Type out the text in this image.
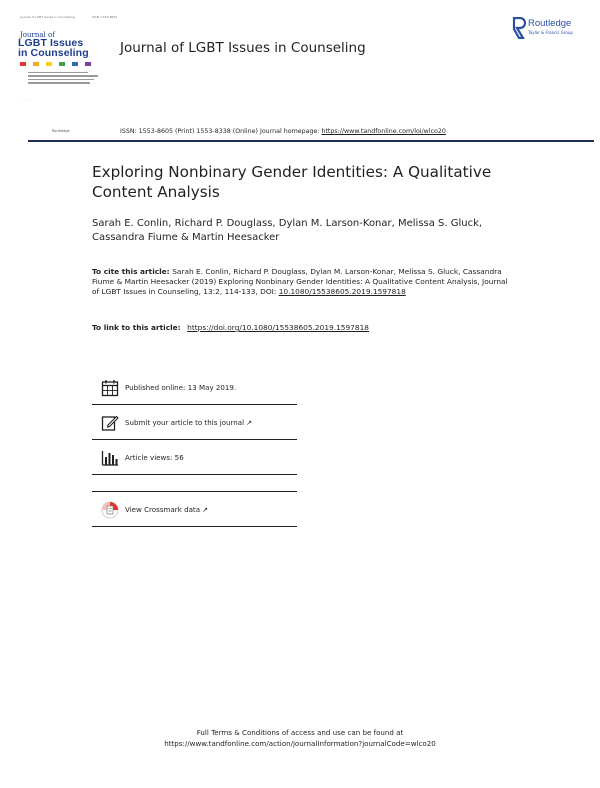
Journal of LGBT Issues in Counseling	ISSN: 1553-8605
Journal of
LGBT Issues
in Counseling
·· ··· ·· ·
Journal of LGBT Issues in Counseling
Routledge
Taylor & Francis Group
Routledge	ISSN: 1553-8605 (Print) 1553-8338 (Online) Journal homepage: https://www.tandfonline.com/loi/wlco20
Exploring Nonbinary Gender Identities: A Qualitative Content Analysis
Sarah E. Conlin, Richard P. Douglass, Dylan M. Larson-Konar, Melissa S. Gluck, Cassandra Fiume & Martin Heesacker
To cite this article: Sarah E. Conlin, Richard P. Douglass, Dylan M. Larson-Konar, Melissa S. Gluck, Cassandra Fiume & Martin Heesacker (2019) Exploring Nonbinary Gender Identities: A Qualitative Content Analysis, Journal of LGBT Issues in Counseling, 13:2, 114-133, DOI: 10.1080/15538605.2019.1597818
To link to this article: https://doi.org/10.1080/15538605.2019.1597818
Published online: 13 May 2019.
Submit your article to this journal ↗
Article views: 56
View Crossmark data ↗
Full Terms & Conditions of access and use can be found at
https://www.tandfonline.com/action/journalInformation?journalCode=wlco20
